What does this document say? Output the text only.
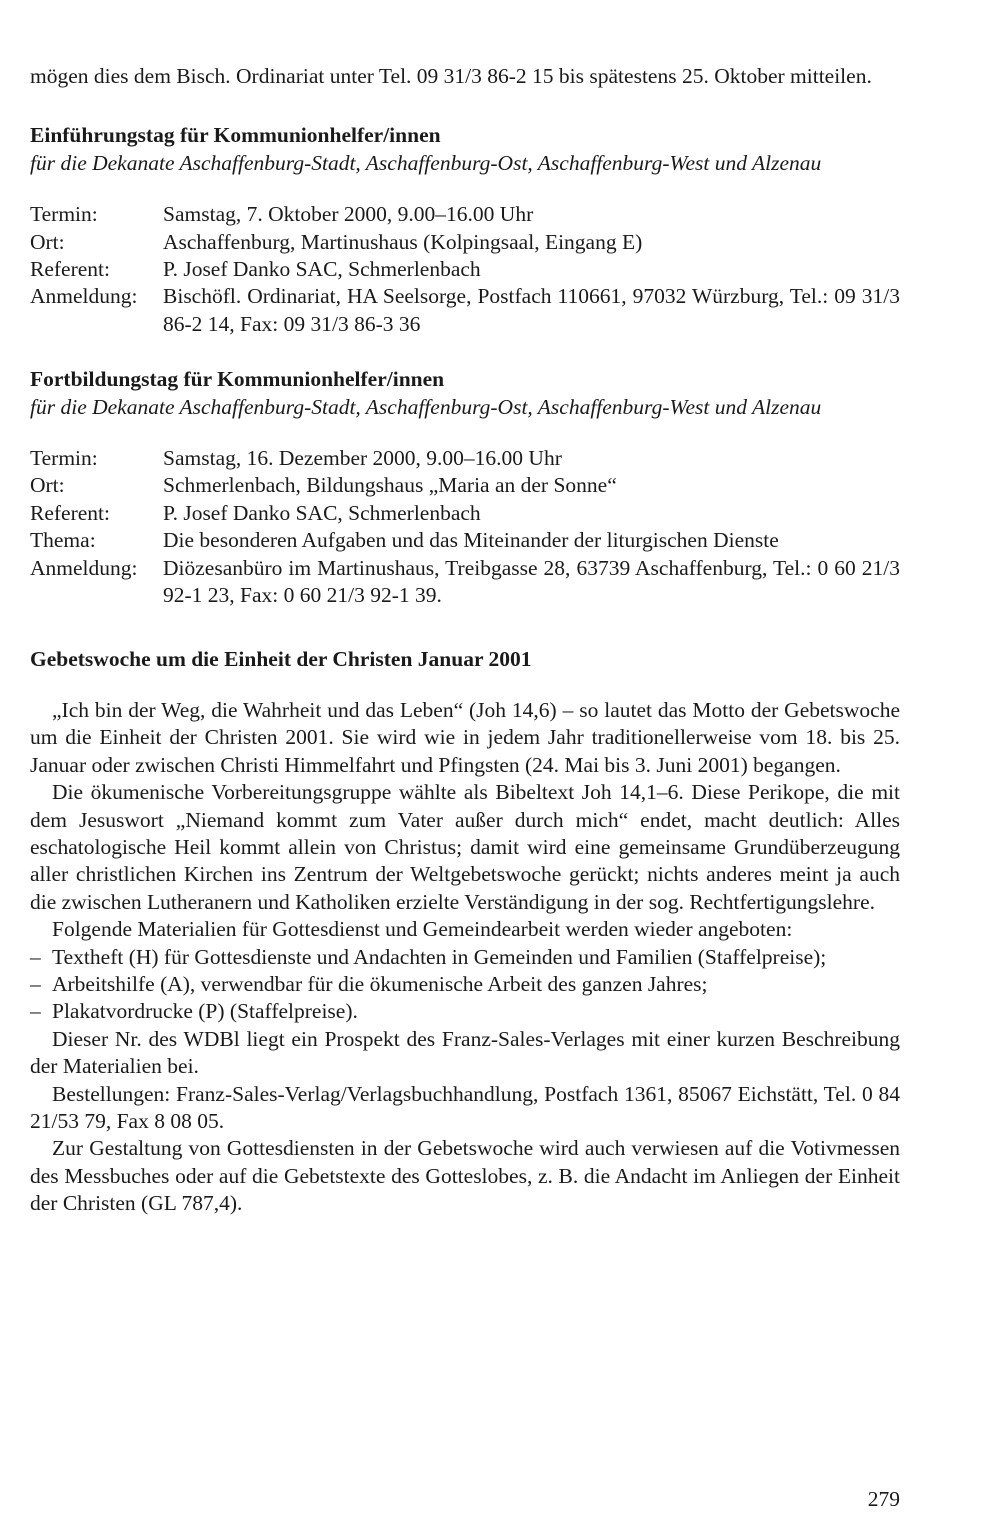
mögen dies dem Bisch. Ordinariat unter Tel. 09 31/3 86-2 15 bis spätestens 25. Oktober mitteilen.

Einführungstag für Kommunionhelfer/innen

für die Dekanate Aschaffenburg-Stadt, Aschaffenburg-Ost, Aschaffenburg-West und Alzenau

Termin:	Samstag, 7. Oktober 2000, 9.00–16.00 Uhr
Ort:	Aschaffenburg, Martinushaus (Kolpingsaal, Eingang E)
Referent:	P. Josef Danko SAC, Schmerlenbach
Anmeldung:	Bischöfl. Ordinariat, HA Seelsorge, Postfach 110661, 97032 Würzburg, Tel.: 09 31/3 86-2 14, Fax: 09 31/3 86-3 36
Fortbildungstag für Kommunionhelfer/innen

für die Dekanate Aschaffenburg-Stadt, Aschaffenburg-Ost, Aschaffenburg-West und Alzenau

Termin:	Samstag, 16. Dezember 2000, 9.00–16.00 Uhr
Ort:	Schmerlenbach, Bildungshaus „Maria an der Sonne“
Referent:	P. Josef Danko SAC, Schmerlenbach
Thema:	Die besonderen Aufgaben und das Miteinander der liturgischen Dienste
Anmeldung:	Diözesanbüro im Martinushaus, Treibgasse 28, 63739 Aschaffenburg, Tel.: 0 60 21/3 92-1 23, Fax: 0 60 21/3 92-1 39.
Gebetswoche um die Einheit der Christen Januar 2001

„Ich bin der Weg, die Wahrheit und das Leben“ (Joh 14,6) – so lautet das Motto der Gebetswoche um die Einheit der Christen 2001. Sie wird wie in jedem Jahr traditionellerweise vom 18. bis 25. Januar oder zwischen Christi Himmelfahrt und Pfingsten (24. Mai bis 3. Juni 2001) begangen.

Die ökumenische Vorbereitungsgruppe wählte als Bibeltext Joh 14,1–6. Diese Perikope, die mit dem Jesuswort „Niemand kommt zum Vater außer durch mich“ endet, macht deutlich: Alles eschatologische Heil kommt allein von Christus; damit wird eine gemeinsame Grundüberzeugung aller christlichen Kirchen ins Zentrum der Weltgebetswoche gerückt; nichts anderes meint ja auch die zwischen Lutheranern und Katholiken erzielte Verständigung in der sog. Rechtfertigungslehre.

Folgende Materialien für Gottesdienst und Gemeindearbeit werden wieder angeboten:

– Textheft (H) für Gottesdienste und Andachten in Gemeinden und Familien (Staffelpreise);
– Arbeitshilfe (A), verwendbar für die ökumenische Arbeit des ganzen Jahres;
– Plakatvordrucke (P) (Staffelpreise).

Dieser Nr. des WDBl liegt ein Prospekt des Franz-Sales-Verlages mit einer kurzen Beschreibung der Materialien bei.

Bestellungen: Franz-Sales-Verlag/Verlagsbuchhandlung, Postfach 1361, 85067 Eichstätt, Tel. 0 84 21/53 79, Fax 8 08 05.

Zur Gestaltung von Gottesdiensten in der Gebetswoche wird auch verwiesen auf die Votivmessen des Messbuches oder auf die Gebetstexte des Gotteslobes, z. B. die Andacht im Anliegen der Einheit der Christen (GL 787,4).

279
